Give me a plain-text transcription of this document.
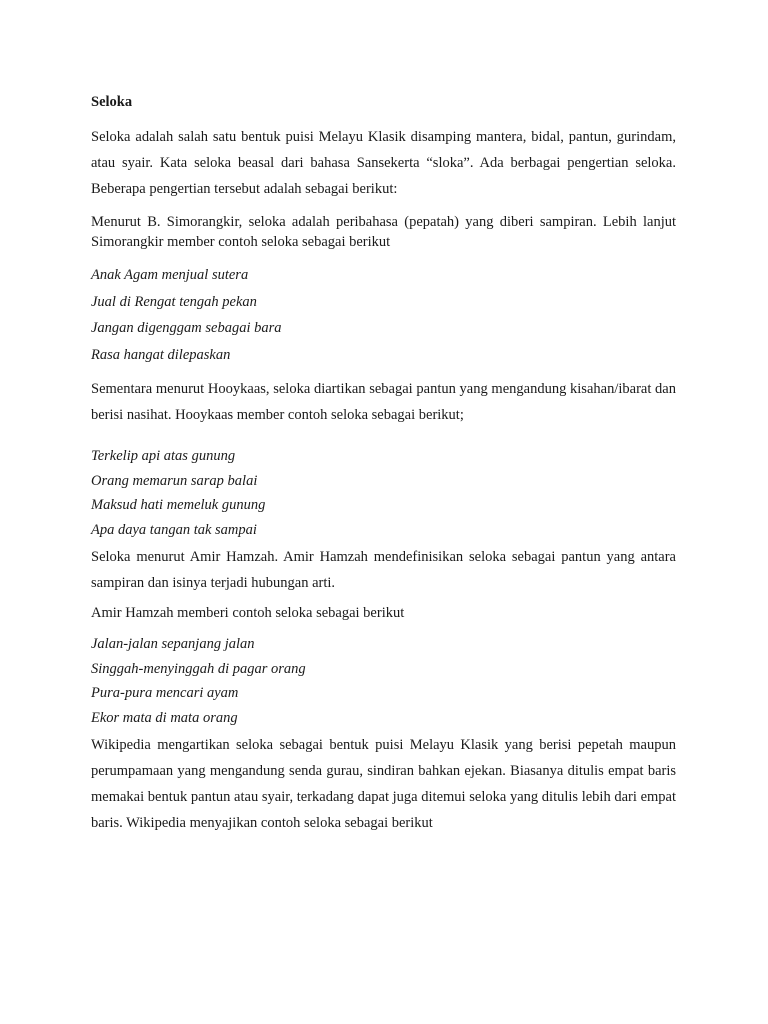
Seloka

Seloka adalah salah satu bentuk puisi Melayu Klasik disamping mantera, bidal, pantun, gurindam, atau syair. Kata seloka beasal dari bahasa Sansekerta “sloka”. Ada berbagai pengertian seloka. Beberapa pengertian tersebut adalah sebagai berikut:

Menurut B. Simorangkir, seloka adalah peribahasa (pepatah) yang diberi sampiran. Lebih lanjut Simorangkir member contoh seloka sebagai berikut

Anak Agam menjual sutera
Jual di Rengat tengah pekan
Jangan digenggam sebagai bara
Rasa hangat dilepaskan

Sementara menurut Hooykaas, seloka diartikan sebagai pantun yang mengandung kisahan/ibarat dan berisi nasihat. Hooykaas member contoh seloka sebagai berikut;

Terkelip api atas gunung
Orang memarun sarap balai
Maksud hati memeluk gunung
Apa daya tangan tak sampai

Seloka menurut Amir Hamzah. Amir Hamzah mendefinisikan seloka sebagai pantun yang antara sampiran dan isinya terjadi hubungan arti.

Amir Hamzah memberi contoh seloka sebagai berikut

Jalan-jalan sepanjang jalan
Singgah-menyinggah di pagar orang
Pura-pura mencari ayam
Ekor mata di mata orang

Wikipedia mengartikan seloka sebagai bentuk puisi Melayu Klasik yang berisi pepetah maupun perumpamaan yang mengandung senda gurau, sindiran bahkan ejekan. Biasanya ditulis empat baris memakai bentuk pantun atau syair, terkadang dapat juga ditemui seloka yang ditulis lebih dari empat baris. Wikipedia menyajikan contoh seloka sebagai berikut
